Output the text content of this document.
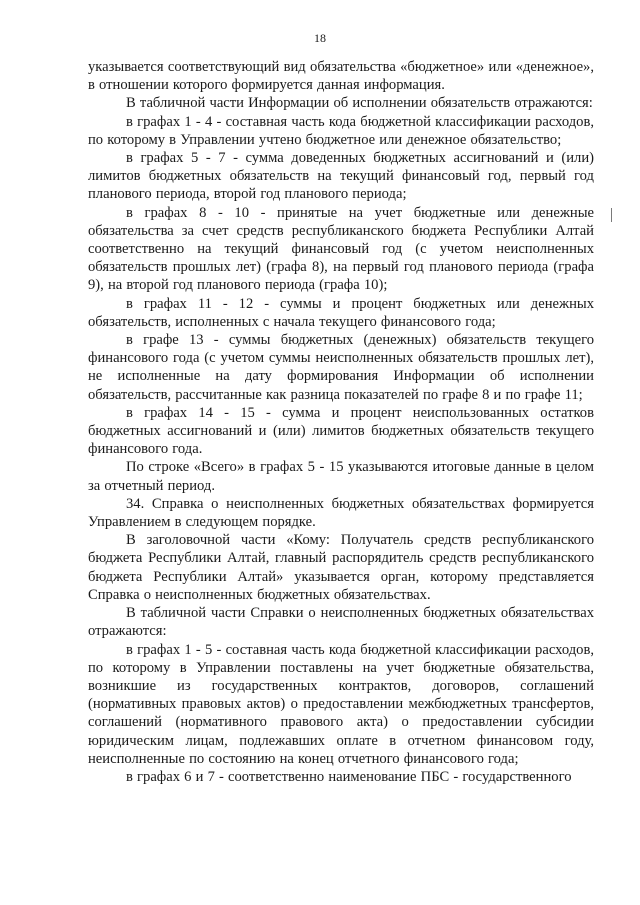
18

указывается соответствующий вид обязательства «бюджетное» или «денежное», в отношении которого формируется данная информация.

В табличной части Информации об исполнении обязательств отражаются:

в графах 1 - 4 - составная часть кода бюджетной классификации расходов, по которому в Управлении учтено бюджетное или денежное обязательство;

в графах 5 - 7 - сумма доведенных бюджетных ассигнований и (или) лимитов бюджетных обязательств на текущий финансовый год, первый год планового периода, второй год планового периода;

в графах 8 - 10 - принятые на учет бюджетные или денежные обязательства за счет средств республиканского бюджета Республики Алтай соответственно на текущий финансовый год (с учетом неисполненных обязательств прошлых лет) (графа 8), на первый год планового периода (графа 9), на второй год планового периода (графа 10);

в графах 11 - 12 - суммы и процент бюджетных или денежных обязательств, исполненных с начала текущего финансового года;

в графе 13 - суммы бюджетных (денежных) обязательств текущего финансового года (с учетом суммы неисполненных обязательств прошлых лет), не исполненные на дату формирования Информации об исполнении обязательств, рассчитанные как разница показателей по графе 8 и по графе 11;

в графах 14 - 15 - сумма и процент неиспользованных остатков бюджетных ассигнований и (или) лимитов бюджетных обязательств текущего финансового года.

По строке «Всего» в графах 5 - 15 указываются итоговые данные в целом за отчетный период.

34. Справка о неисполненных бюджетных обязательствах формируется Управлением в следующем порядке.

В заголовочной части «Кому: Получатель средств республиканского бюджета Республики Алтай, главный распорядитель средств республиканского бюджета Республики Алтай» указывается орган, которому представляется Справка о неисполненных бюджетных обязательствах.

В табличной части Справки о неисполненных бюджетных обязательствах отражаются:

в графах 1 - 5 - составная часть кода бюджетной классификации расходов, по которому в Управлении поставлены на учет бюджетные обязательства, возникшие из государственных контрактов, договоров, соглашений (нормативных правовых актов) о предоставлении межбюджетных трансфертов, соглашений (нормативного правового акта) о предоставлении субсидии юридическим лицам, подлежавших оплате в отчетном финансовом году, неисполненные по состоянию на конец отчетного финансового года;

в графах 6 и 7 - соответственно наименование ПБС - государственного
